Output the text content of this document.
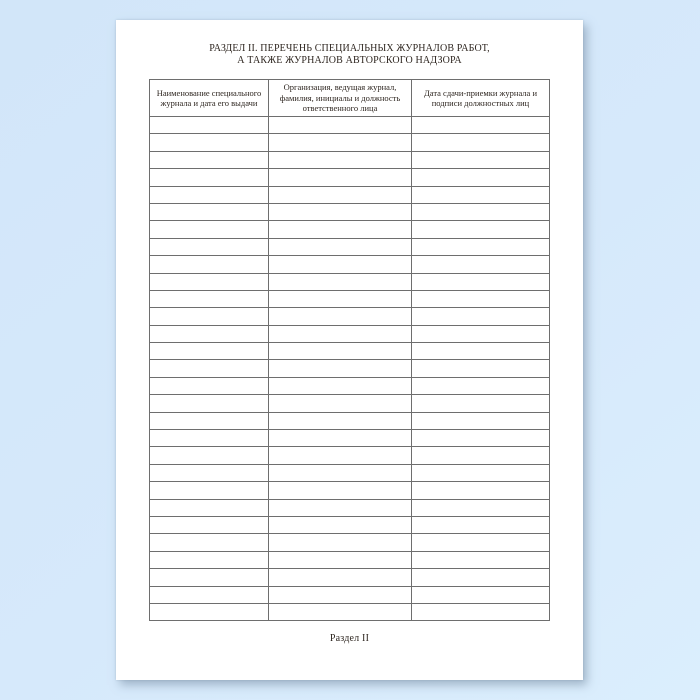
РАЗДЕЛ II. ПЕРЕЧЕНЬ СПЕЦИАЛЬНЫХ ЖУРНАЛОВ РАБОТ,
А ТАКЖЕ ЖУРНАЛОВ АВТОРСКОГО НАДЗОРА
Наименование специального журнала и дата его выдачи	Организация, ведущая журнал, фамилия, инициалы и должность ответственного лица	Дата сдачи-приемки журнала и подписи должностных лиц

Раздел II
